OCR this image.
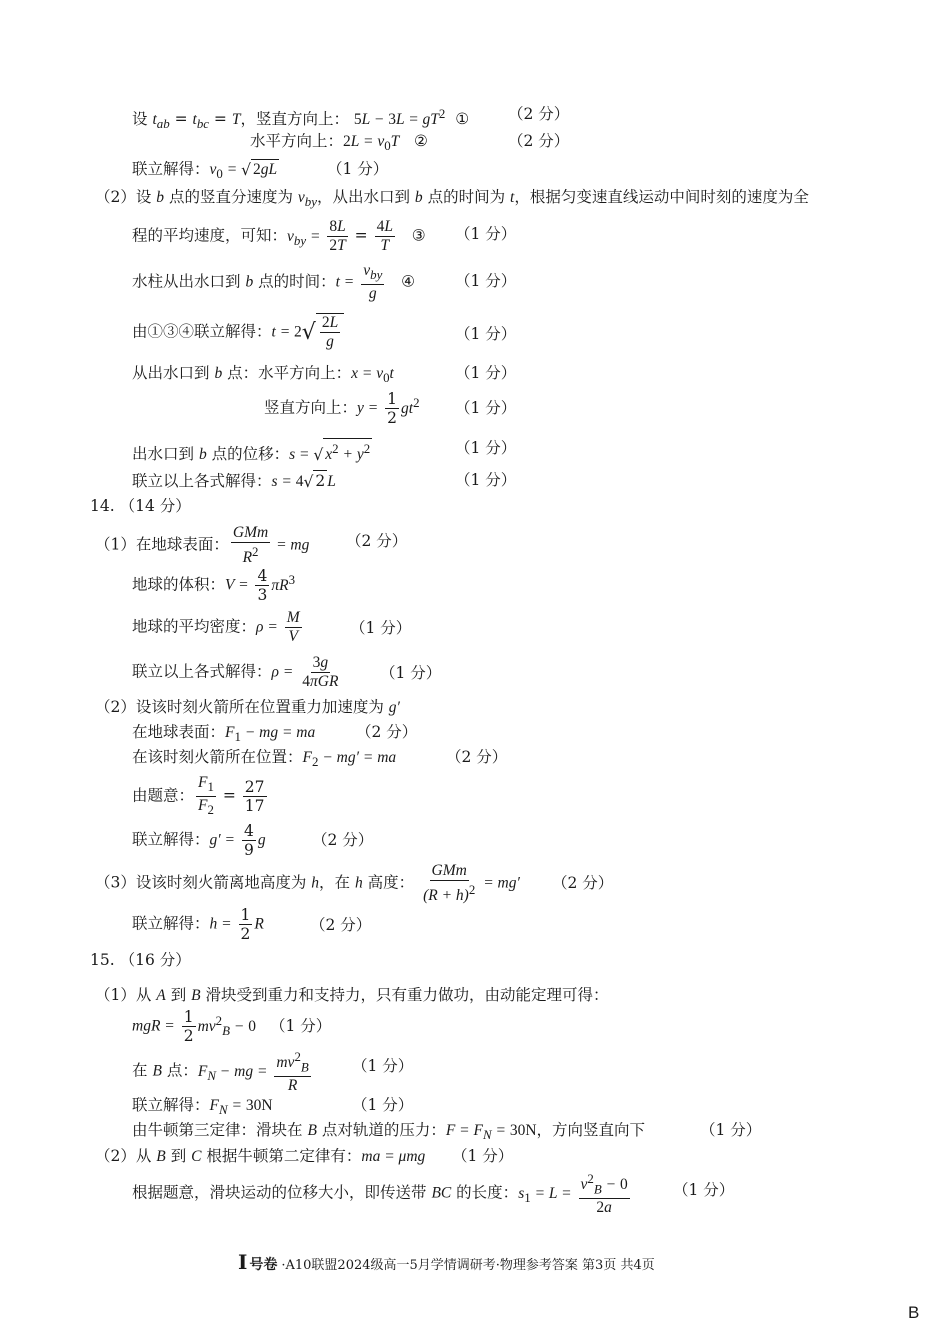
设 $t_{ab} = t_{bc} = T$，竖直方向上： $5L - 3L = gT^2$  ①	（2 分）
水平方向上：$2L = v_0T$   ②	（2 分）
联立解得：$v_0$ = √ 2gL	（1 分）
（2）设 b 点的竖直分速度为 $v_{by}$，从出水口到 b 点的时间为 t，根据匀变速直线运动中间时刻的速度为全
程的平均速度，可知：$v_{by} = \frac{8L}{2T} = \frac{4L}{T}$ ③ （1 分）
水柱从出水口到 b 点的时间：$t = \frac{v_{by}}{g}$ ④	（1 分）
由①③④联立解得：$t = 2√ \frac{2L}{g}$	（1 分）
从出水口到 b 点：水平方向上：$x = v_0t$	（1 分）
竖直方向上：$y = \frac{1}{2} gt^2$ （1 分）
出水口到 b 点的位移：s = √ $x^2 + y^2$	（1 分）
联立以上各式解得：s = 4√ 2 L	（1 分）
14. （14 分）
（1）在地球表面： $\frac{\text{GMm}}{R^2}$ = mg （2 分）
地球的体积：$V = \frac{4}{3} \pi R^3$
地球的平均密度：$\rho = \frac{M}{V}$	（1 分）
联立以上各式解得：$\rho = \frac{3g}{\text{4πGR}}$	（1 分）
（2）设该时刻火箭所在位置重力加速度为 g′
在地球表面：$F_1$ − mg = ma	（2 分）
在该时刻火箭所在位置：$F_2 - mg'$ = ma	（2 分）
由题意： $\frac{F_1}{F_2} = \frac{27}{17}$
联立解得：$g' = \frac{4}{9}$ g	（2 分）
（3）设该时刻火箭离地高度为 h，在 h 高度： $\frac{\text{GMm}}{(R + h)^2} = mg'$ （2 分）
联立解得：$h = \frac{1}{2}$ R	（2 分）
15. （16 分）
（1）从 A 到 B 滑块受到重力和支持力，只有重力做功，由动能定理可得：
mgR = $\frac{1}{2} mv^2_B - 0$ （1 分）
在 B 点：$F_N$ − mg = $\frac{mv^2_B}{R}$	（1 分）
联立解得：$F_N = 30N$	（1 分）
由牛顿第三定律：滑块在 B 点对轨道的压力：$F = F_N = 30N$，方向竖直向下	（1 分）
（2）从 B 到 C 根据牛顿第二定律有：ma = μmg （1 分）
根据题意，滑块运动的位移大小，即传送带 BC 的长度：$s_1 = L = \frac{v^2_B - 0}{2a}$	（1 分）
I 号卷 ·A10联盟2024级高一5月学情调研考·物理参考答案 第3页 共4页
B
